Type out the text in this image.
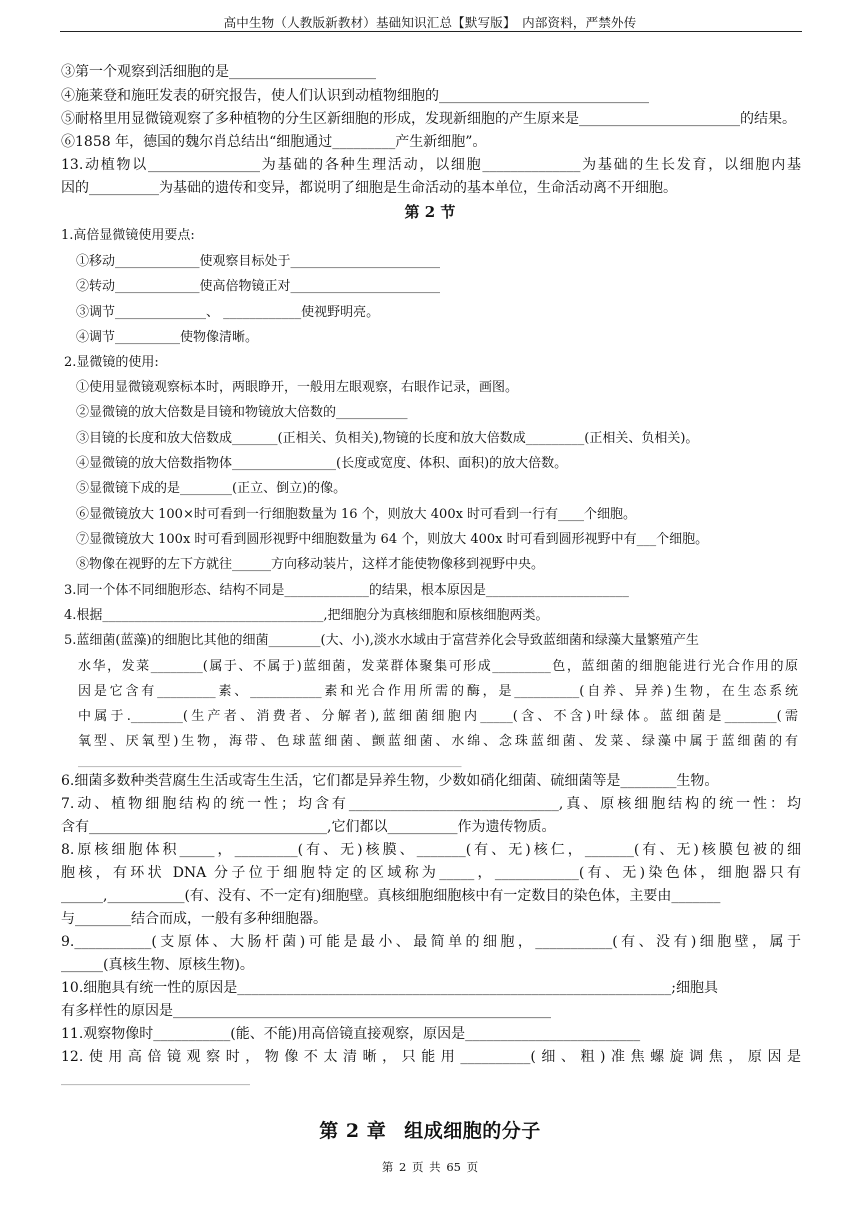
高中生物（人教版新教材）基础知识汇总【默写版】　内部资料，严禁外传
③第一个观察到活细胞的是_____________________
④施莱登和施旺发表的研究报告，使人们认识到动植物细胞的______________________________
⑤耐格里用显微镜观察了多种植物的分生区新细胞的形成，发现新细胞的产生原来是_______________________的结果。
⑥1858 年，德国的魏尔肖总结出“细胞通过_________产生新细胞”。
13.动植物以________________为基础的各种生理活动，以细胞______________为基础的生长发育，以细胞内基
因的__________为基础的遗传和变异，都说明了细胞是生命活动的基本单位，生命活动离不开细胞。
第 2 节
1.高倍显微镜使用要点:
①移动_____________使观察目标处于_______________________
②转动_____________使高倍物镜正对_______________________
③调节______________、 ____________使视野明亮。
④调节__________使物像清晰。
2.显微镜的使用:
①使用显微镜观察标本时，两眼睁开，一般用左眼观察，右眼作记录，画图。
②显微镜的放大倍数是目镜和物镜放大倍数的___________
③目镜的长度和放大倍数成_______(正相关、负相关),物镜的长度和放大倍数成_________(正相关、负相关)。
④显微镜的放大倍数指物体________________(长度或宽度、体积、面积)的放大倍数。
⑤显微镜下成的是________(正立、倒立)的像。
⑥显微镜放大 100×时可看到一行细胞数量为 16 个，则放大 400x 时可看到一行有____个细胞。
⑦显微镜放大 100x 时可看到圆形视野中细胞数量为 64 个，则放大 400x 时可看到圆形视野中有___个细胞。
⑧物像在视野的左下方就往______方向移动装片，这样才能使物像移到视野中央。
3.同一个体不同细胞形态、结构不同是_____________的结果，根本原因是______________________
4.根据__________________________________,把细胞分为真核细胞和原核细胞两类。
5.蓝细菌(蓝藻)的细胞比其他的细菌________(大、小),淡水水域由于富营养化会导致蓝细菌和绿藻大量繁殖产生
水华，发菜________(属于、不属于)蓝细菌，发菜群体聚集可形成_________色，蓝细菌的细胞能进行光合作用的原
因是它含有_________素、___________素和光合作用所需的酶，是__________(自养、异养)生物，在生态系统
中属于.________(生产者、消费者、分解者),蓝细菌细胞内_____(含、不含)叶绿体。蓝细菌是________(需
氧型、厌氧型)生物，海带、色球蓝细菌、颤蓝细菌、水绵、念珠蓝细菌、发菜、绿藻中属于蓝细菌的有
___________________________________________________________
6.细菌多数种类营腐生生活或寄生生活，它们都是异养生物，少数如硝化细菌、硫细菌等是________生物。
7.动、植物细胞结构的统一性；均含有______________________________,真、原核细胞结构的统一性：均
含有__________________________________,它们都以__________作为遗传物质。
8.原核细胞体积_____，_________(有、无)核膜、_______(有、无)核仁，_______(有、无)核膜包被的细
胞核，有环状 DNA 分子位于细胞特定的区域称为_____，____________(有、无)染色体，细胞器只有
______,___________(有、没有、不一定有)细胞壁。真核细胞细胞核中有一定数目的染色体，主要由_______
与________结合而成，一般有多种细胞器。
9.___________(支原体、大肠杆菌)可能是最小、最简单的细胞，___________(有、没有)细胞壁，属于
______(真核生物、原核生物)。
10.细胞具有统一性的原因是______________________________________________________________;细胞具
有多样性的原因是______________________________________________________
11.观察物像时___________(能、不能)用高倍镜直接观察，原因是_________________________
12.使用高倍镜观察时，物像不太清晰，只能用__________(细、粗)准焦螺旋调焦，原因是
___________________________
第 2 章 组成细胞的分子
第 2 页 共 65 页
